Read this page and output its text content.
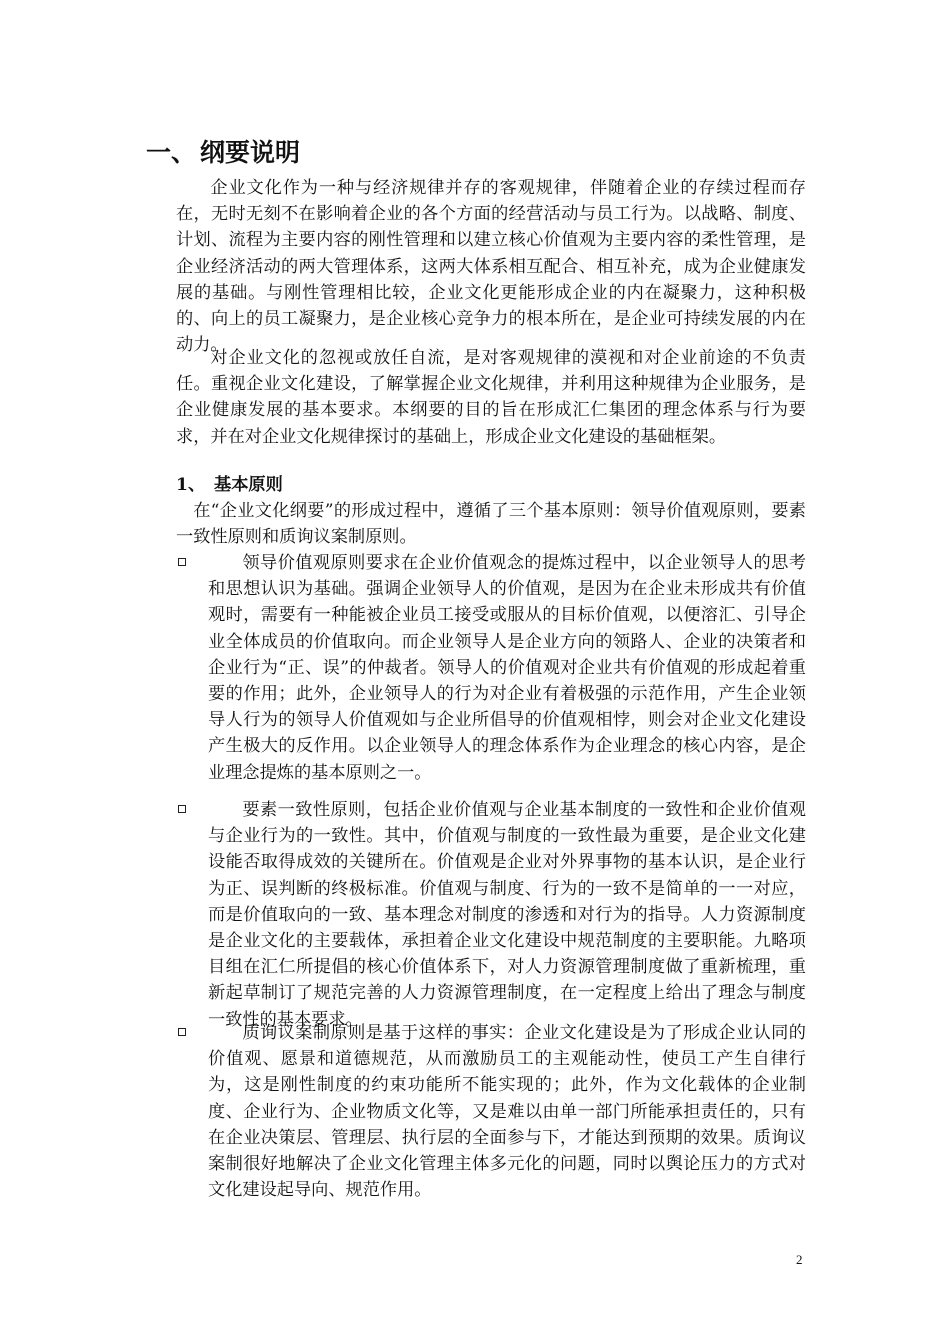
一、 纲要说明
企业文化作为一种与经济规律并存的客观规律，伴随着企业的存续过程而存在，无时无刻不在影响着企业的各个方面的经营活动与员工行为。以战略、制度、计划、流程为主要内容的刚性管理和以建立核心价值观为主要内容的柔性管理，是企业经济活动的两大管理体系，这两大体系相互配合、相互补充，成为企业健康发展的基础。与刚性管理相比较，企业文化更能形成企业的内在凝聚力，这种积极的、向上的员工凝聚力，是企业核心竞争力的根本所在，是企业可持续发展的内在动力。
对企业文化的忽视或放任自流，是对客观规律的漠视和对企业前途的不负责任。重视企业文化建设，了解掌握企业文化规律，并利用这种规律为企业服务，是企业健康发展的基本要求。本纲要的目的旨在形成汇仁集团的理念体系与行为要求，并在对企业文化规律探讨的基础上，形成企业文化建设的基础框架。
1、 基本原则
在“企业文化纲要”的形成过程中，遵循了三个基本原则：领导价值观原则，要素一致性原则和质询议案制原则。
领导价值观原则要求在企业价值观念的提炼过程中，以企业领导人的思考和思想认识为基础。强调企业领导人的价值观，是因为在企业未形成共有价值观时，需要有一种能被企业员工接受或服从的目标价值观，以便溶汇、引导企业全体成员的价值取向。而企业领导人是企业方向的领路人、企业的决策者和企业行为“正、误”的仲裁者。领导人的价值观对企业共有价值观的形成起着重要的作用；此外，企业领导人的行为对企业有着极强的示范作用，产生企业领导人行为的领导人价值观如与企业所倡导的价值观相悖，则会对企业文化建设产生极大的反作用。以企业领导人的理念体系作为企业理念的核心内容，是企业理念提炼的基本原则之一。
要素一致性原则，包括企业价值观与企业基本制度的一致性和企业价值观与企业行为的一致性。其中，价值观与制度的一致性最为重要，是企业文化建设能否取得成效的关键所在。价值观是企业对外界事物的基本认识，是企业行为正、误判断的终极标准。价值观与制度、行为的一致不是简单的一一对应，而是价值取向的一致、基本理念对制度的渗透和对行为的指导。人力资源制度是企业文化的主要载体，承担着企业文化建设中规范制度的主要职能。九略项目组在汇仁所提倡的核心价值体系下，对人力资源管理制度做了重新梳理，重新起草制订了规范完善的人力资源管理制度，在一定程度上给出了理念与制度一致性的基本要求。
质询议案制原则是基于这样的事实：企业文化建设是为了形成企业认同的价值观、愿景和道德规范，从而激励员工的主观能动性，使员工产生自律行为，这是刚性制度的约束功能所不能实现的；此外，作为文化载体的企业制度、企业行为、企业物质文化等，又是难以由单一部门所能承担责任的，只有在企业决策层、管理层、执行层的全面参与下，才能达到预期的效果。质询议案制很好地解决了企业文化管理主体多元化的问题，同时以舆论压力的方式对文化建设起导向、规范作用。
2
